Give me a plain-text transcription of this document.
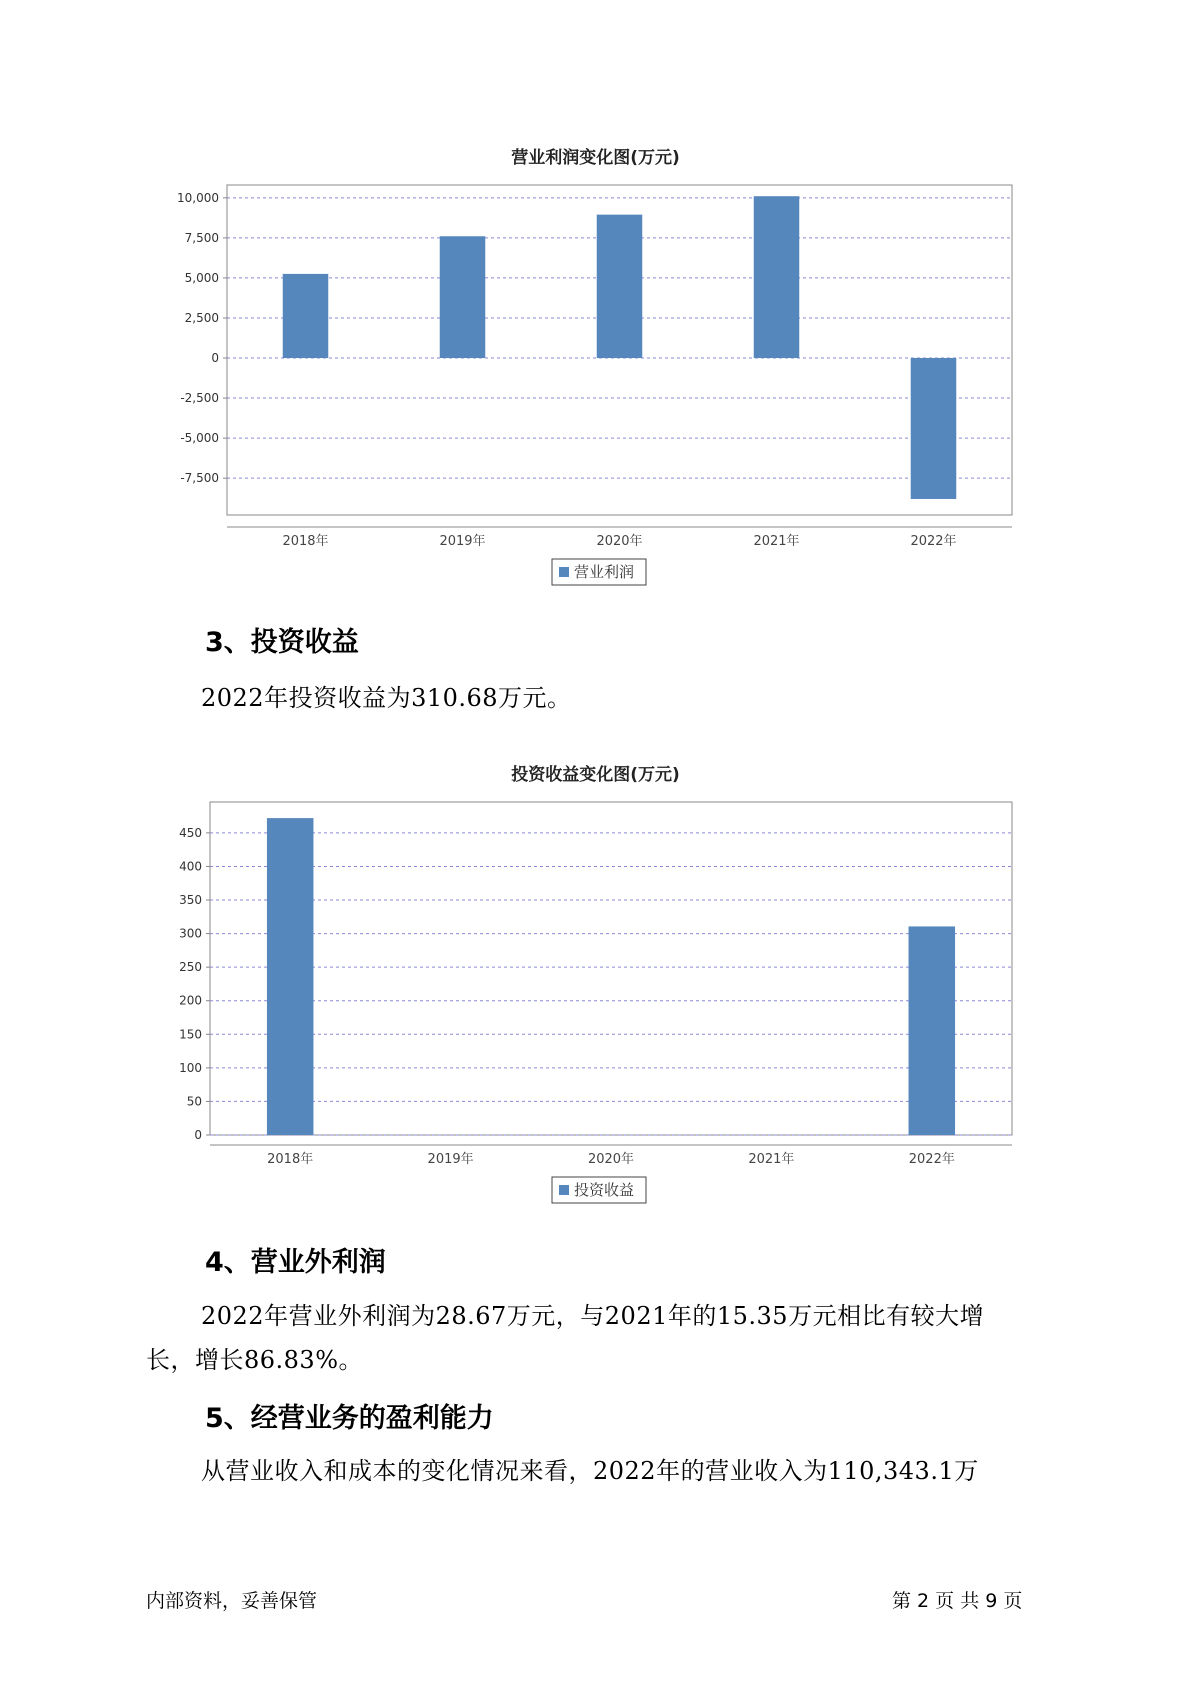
营业利润变化图(万元)
10,000
7,500
5,000
2,500
0
-2,500
-5,000
-7,500
2018年	2019年	2020年	2021年	2022年
营业利润
3、投资收益
2022年投资收益为310.68万元。
投资收益变化图(万元)
450
400
350
300
250
200
150
100
50
0
2018年	2019年	2020年	2021年	2022年
投资收益
4、营业外利润
2022年营业外利润为28.67万元，与2021年的15.35万元相比有较大增
长，增长86.83%。
5、经营业务的盈利能力
从营业收入和成本的变化情况来看，2022年的营业收入为110,343.1万
内部资料，妥善保管	第 2 页 共 9 页
